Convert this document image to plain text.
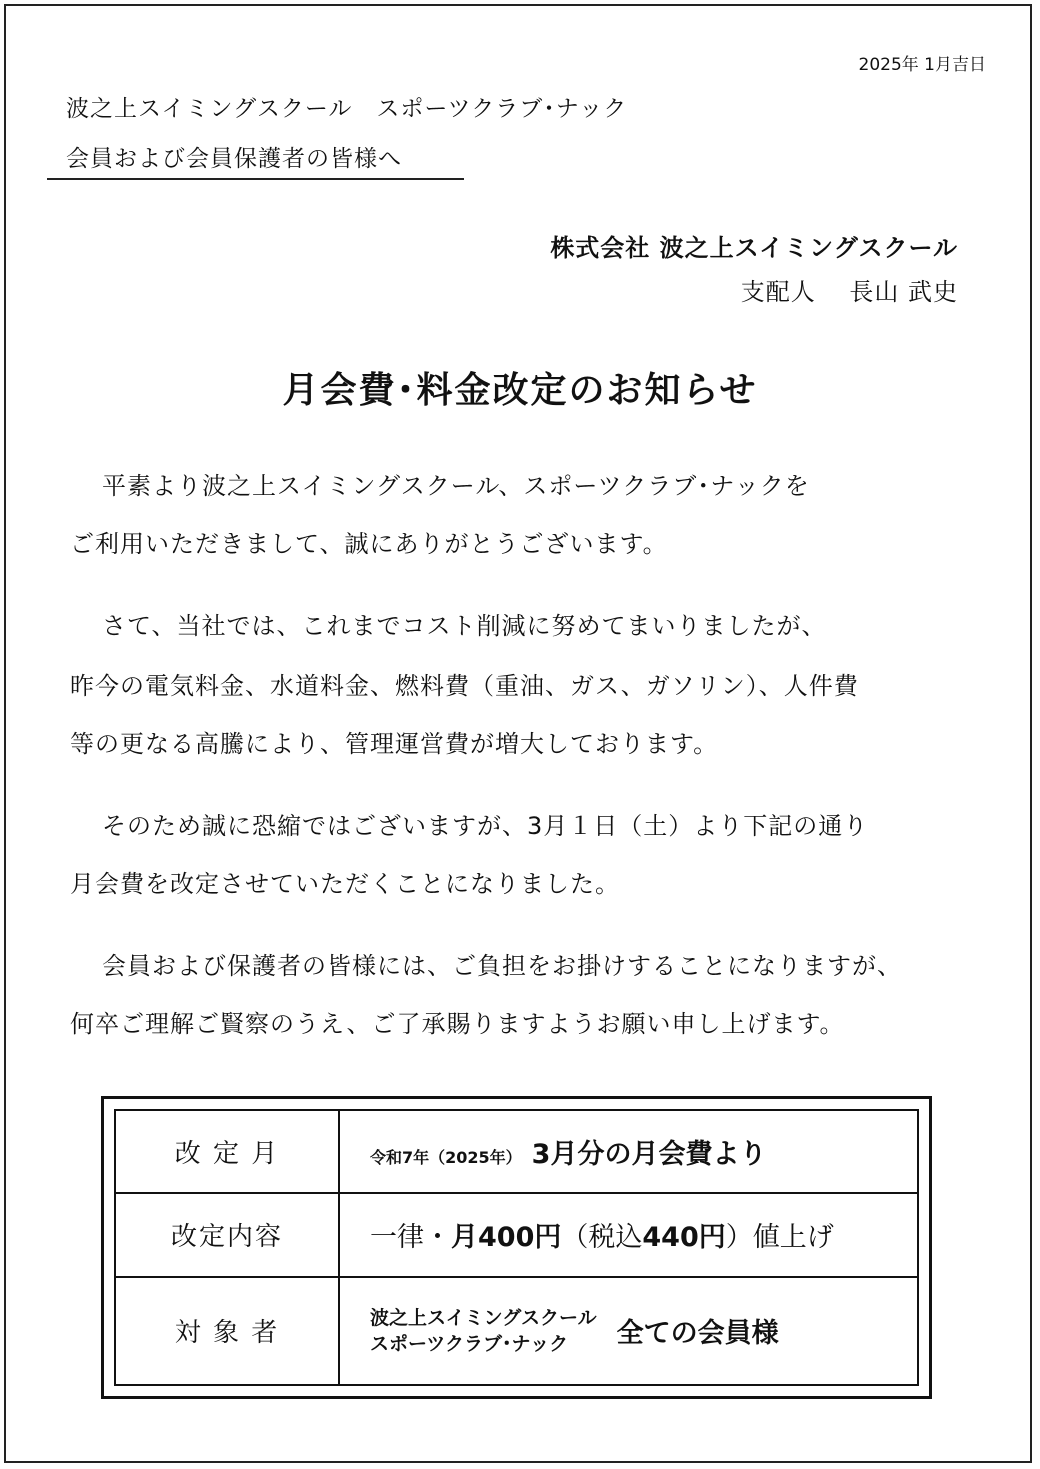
2025年 1月吉日
波之上スイミングスクール　スポーツクラブ･ナック
会員および会員保護者の皆様へ
株式会社 波之上スイミングスクール
支配人　 長山 武史
月会費･料金改定のお知らせ
平素より波之上スイミングスクール、スポーツクラブ･ナックを
ご利用いただきまして、誠にありがとうございます。
さて、当社では、これまでコスト削減に努めてまいりましたが、
昨今の電気料金、水道料金、燃料費（重油、ガス、ガソリン）、人件費
等の更なる高騰により、管理運営費が増大しております。
そのため誠に恐縮ではございますが、3月１日（土）より下記の通り
月会費を改定させていただくことになりました。
会員および保護者の皆様には、ご負担をお掛けすることになりますが、
何卒ご理解ご賢察のうえ、ご了承賜りますようお願い申し上げます。
改 定 月	令和7年（2025年） 3月分の月会費より
改定内容	一律・月400円（税込440円）値上げ
対 象 者	波之上スイミングスクール
スポーツクラブ･ナック 全ての会員様
